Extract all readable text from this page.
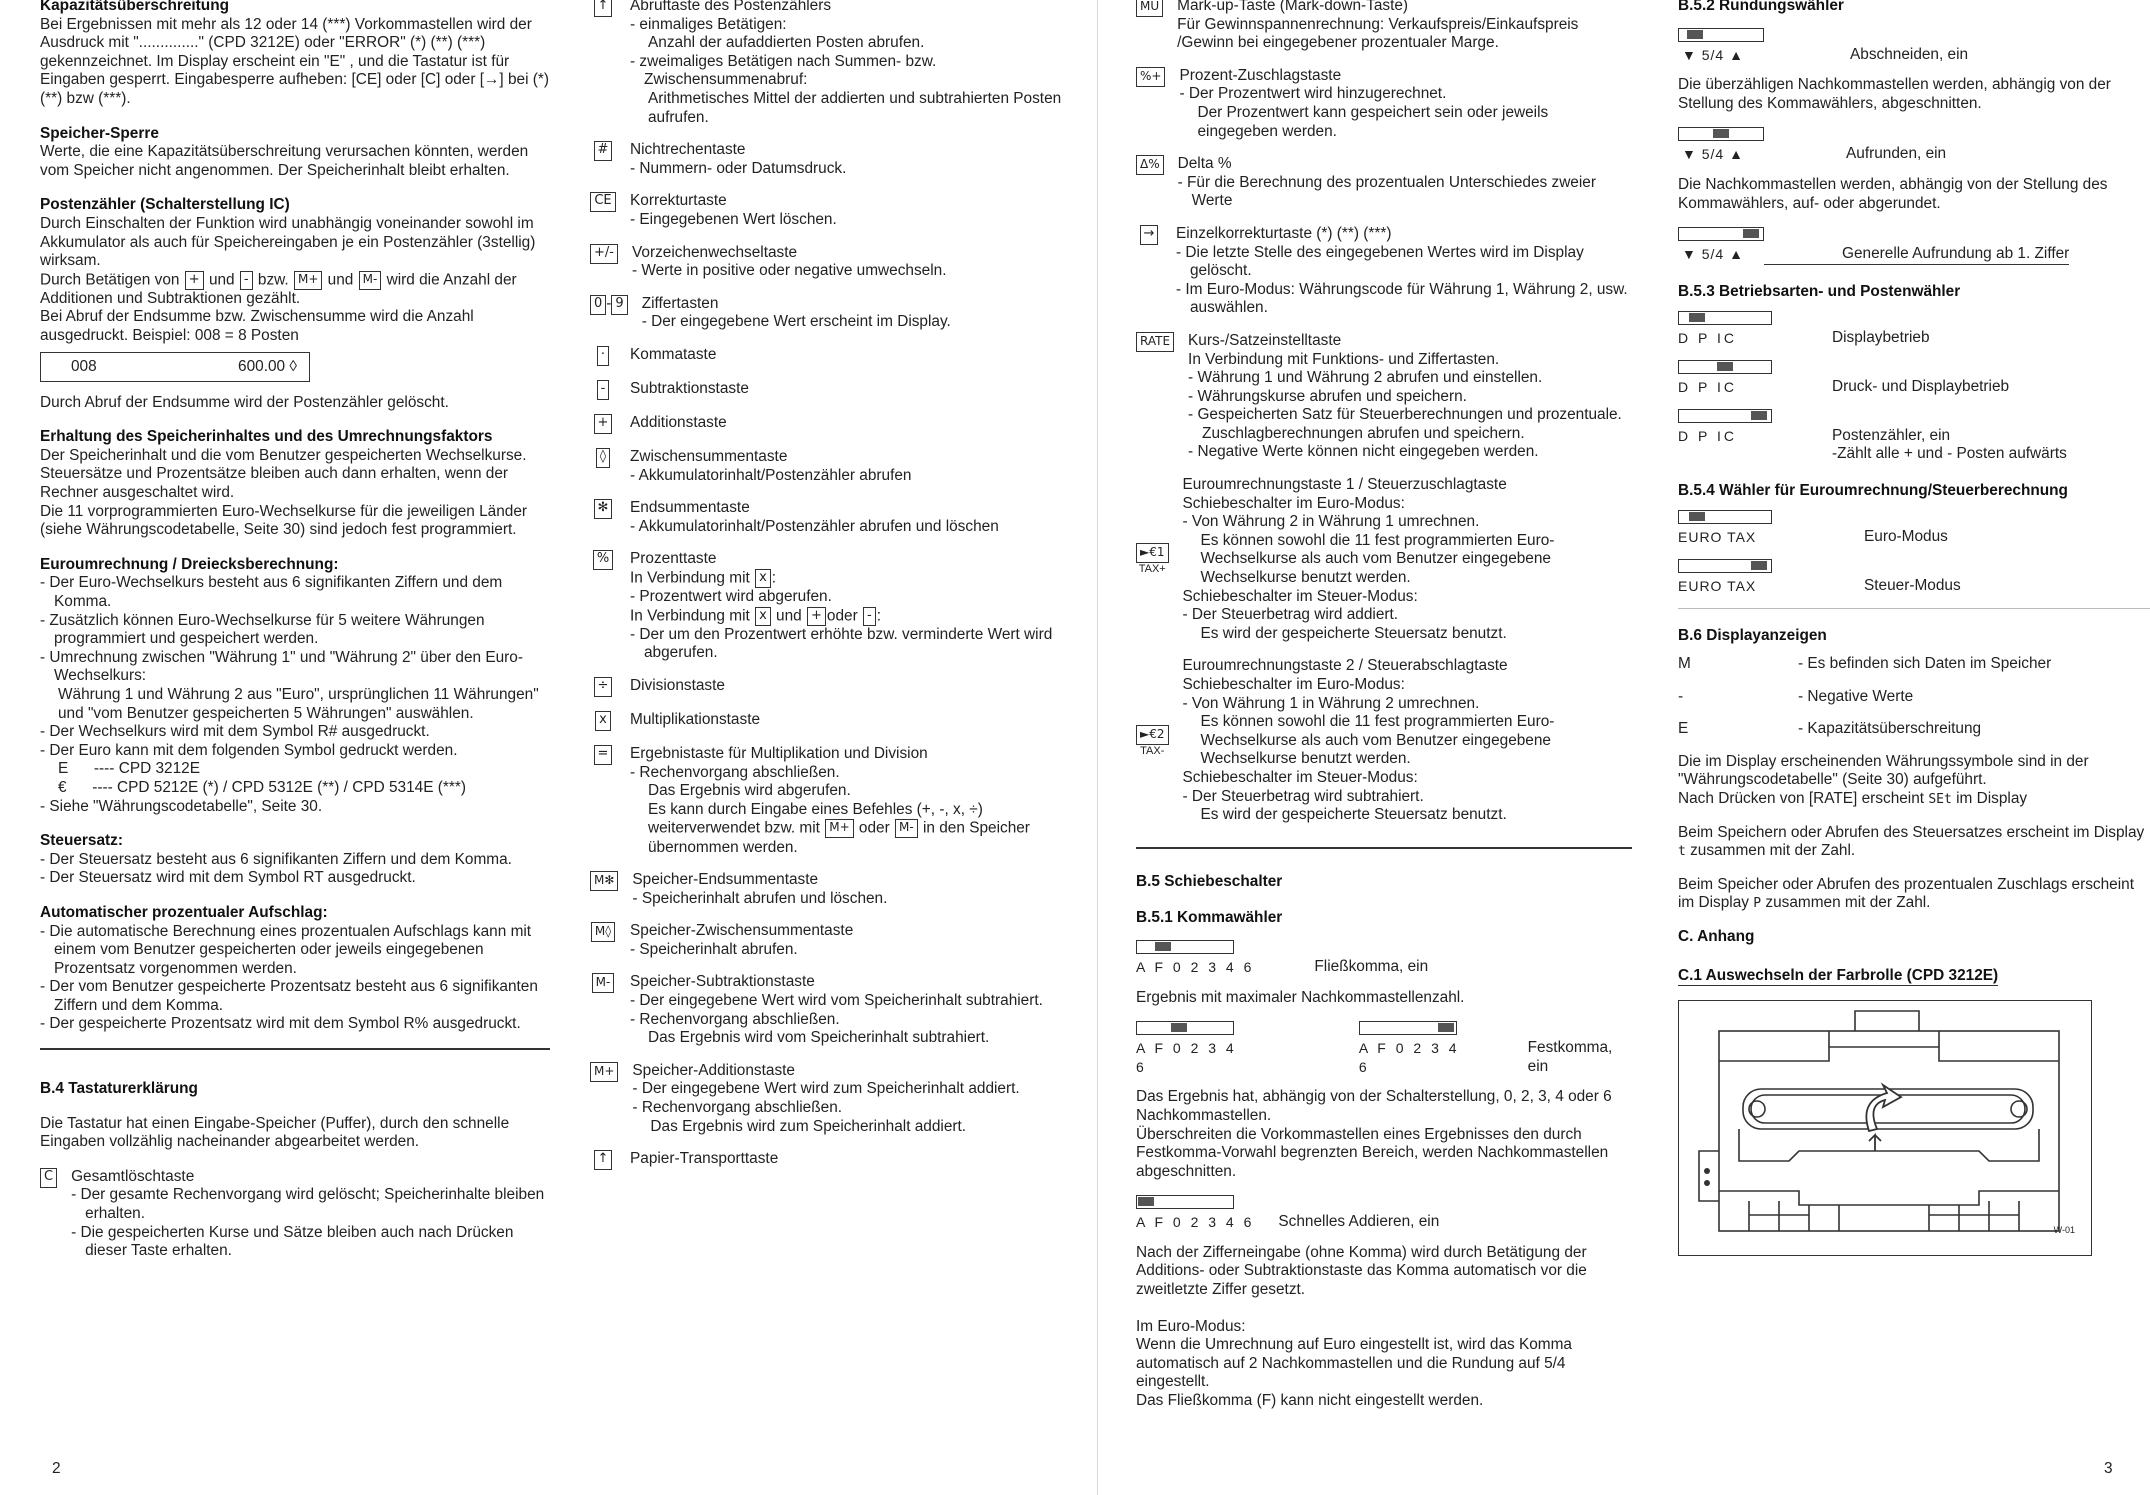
Kapazitätsüberschreitung

Bei Ergebnissen mit mehr als 12 oder 14 (***) Vorkommastellen wird der Ausdruck mit ".............." (CPD 3212E) oder "ERROR" (*) (**) (***) gekennzeichnet. Im Display erscheint ein "E" , und die Tastatur ist für Eingaben gesperrt. Eingabesperre aufheben: [CE] oder [C] oder [→] bei (*) (**) bzw (***).

Speicher-Sperre

Werte, die eine Kapazitätsüberschreitung verursachen könnten, werden vom Speicher nicht angenommen. Der Speicherinhalt bleibt erhalten.

Postenzähler (Schalterstellung IC)

Durch Einschalten der Funktion wird unabhängig voneinander sowohl im Akkumulator als auch für Speichereingaben je ein Postenzähler (3stellig) wirksam.

Durch Betätigen von + und - bzw. M+ und M- wird die Anzahl der Additionen und Subtraktionen gezählt.

Bei Abruf der Endsumme bzw. Zwischensumme wird die Anzahl ausgedruckt. Beispiel: 008 = 8 Posten

008	600.00 ◊

Durch Abruf der Endsumme wird der Postenzähler gelöscht.

Erhaltung des Speicherinhaltes und des Umrechnungsfaktors

Der Speicherinhalt und die vom Benutzer gespeicherten Wechselkurse. Steuersätze und Prozentsätze bleiben auch dann erhalten, wenn der Rechner ausgeschaltet wird.

Die 11 vorprogrammierten Euro-Wechselkurse für die jeweiligen Länder (siehe Währungscodetabelle, Seite 30) sind jedoch fest programmiert.

Euroumrechnung / Dreiecksberechnung:

- Der Euro-Wechselkurs besteht aus 6 signifikanten Ziffern und dem Komma.

- Zusätzlich können Euro-Wechselkurse für 5 weitere Währungen programmiert und gespeichert werden.

- Umrechnung zwischen "Währung 1" und "Währung 2" über den Euro-Wechselkurs:

Währung 1 und Währung 2 aus "Euro", ursprünglichen 11 Währungen" und "vom Benutzer gespeicherten 5 Währungen" auswählen.

- Der Wechselkurs wird mit dem Symbol R# ausgedruckt.

- Der Euro kann mit dem folgenden Symbol gedruckt werden.

E      ---- CPD 3212E

€      ---- CPD 5212E (*) / CPD 5312E (**) / CPD 5314E (***)

- Siehe "Währungscodetabelle", Seite 30.

Steuersatz:

- Der Steuersatz besteht aus 6 signifikanten Ziffern und dem Komma.

- Der Steuersatz wird mit dem Symbol RT ausgedruckt.

Automatischer prozentualer Aufschlag:

- Die automatische Berechnung eines prozentualen Aufschlags kann mit einem vom Benutzer gespeicherten oder jeweils eingegebenen Prozentsatz vorgenommen werden.

- Der vom Benutzer gespeicherte Prozentsatz besteht aus 6 signifikanten Ziffern und dem Komma.

- Der gespeicherte Prozentsatz wird mit dem Symbol R% ausgedruckt.

B.4 Tastaturerklärung

Die Tastatur hat einen Eingabe-Speicher (Puffer), durch den schnelle Eingaben vollzählig nacheinander abgearbeitet werden.

C Gesamtlöschtaste

- Der gesamte Rechenvorgang wird gelöscht; Speicherinhalte bleiben erhalten.

- Die gespeicherten Kurse und Sätze bleiben auch nach Drücken dieser Taste erhalten.

↑ Abruftaste des Postenzählers

- einmaliges Betätigen:

Anzahl der aufaddierten Posten abrufen.

- zweimaliges Betätigen nach Summen- bzw. Zwischensummenabruf:

Arithmetisches Mittel der addierten und subtrahierten Posten aufrufen.

# Nichtrechentaste

- Nummern- oder Datumsdruck.

CE Korrekturtaste

- Eingegebenen Wert löschen.

+/- Vorzeichenwechseltaste

- Werte in positive oder negative umwechseln.

0 - 9 Ziffertasten

- Der eingegebene Wert erscheint im Display.

· Kommataste

- Subtraktionstaste

+ Additionstaste

◊ Zwischensummentaste

- Akkumulatorinhalt/Postenzähler abrufen

✻ Endsummentaste

- Akkumulatorinhalt/Postenzähler abrufen und löschen

% Prozenttaste

In Verbindung mit x :

- Prozentwert wird abgerufen.

In Verbindung mit x und + oder - :

- Der um den Prozentwert erhöhte bzw. verminderte Wert wird abgerufen.

÷ Divisionstaste

x Multiplikationstaste

= Ergebnistaste für Multiplikation und Division

- Rechenvorgang abschließen.

Das Ergebnis wird abgerufen.

Es kann durch Eingabe eines Befehles (+, -, x, ÷) weiterverwendet bzw. mit M+ oder M- in den Speicher übernommen werden.

M✻ Speicher-Endsummentaste

- Speicherinhalt abrufen und löschen.

M◊ Speicher-Zwischensummentaste

- Speicherinhalt abrufen.

M- Speicher-Subtraktionstaste

- Der eingegebene Wert wird vom Speicherinhalt subtrahiert.

- Rechenvorgang abschließen.

Das Ergebnis wird vom Speicherinhalt subtrahiert.

M+ Speicher-Additionstaste

- Der eingegebene Wert wird zum Speicherinhalt addiert.

- Rechenvorgang abschließen.

Das Ergebnis wird zum Speicherinhalt addiert.

↑ Papier-Transporttaste

2
MU Mark-up-Taste (Mark-down-Taste)

Für Gewinnspannenrechnung: Verkaufspreis/Einkaufspreis /Gewinn bei eingegebener prozentualer Marge.

%+ Prozent-Zuschlagstaste

- Der Prozentwert wird hinzugerechnet.

Der Prozentwert kann gespeichert sein oder jeweils eingegeben werden.

Δ% Delta %

- Für die Berechnung des prozentualen Unterschiedes zweier Werte

→ Einzelkorrekturtaste (*) (**) (***)

- Die letzte Stelle des eingegebenen Wertes wird im Display gelöscht.

- Im Euro-Modus: Währungscode für Währung 1, Währung 2, usw. auswählen.

RATE Kurs-/Satzeinstelltaste

In Verbindung mit Funktions- und Ziffertasten.

- Währung 1 und Währung 2 abrufen und einstellen.

- Währungskurse abrufen und speichern.

- Gespeicherten Satz für Steuerberechnungen und prozentuale. Zuschlagberechnungen abrufen und speichern.

- Negative Werte können nicht eingegeben werden.

►€1
TAX+

Euroumrechnungstaste 1 / Steuerzuschlagtaste

Schiebeschalter im Euro-Modus:

- Von Währung 2 in Währung 1 umrechnen.

Es können sowohl die 11 fest programmierten Euro-Wechselkurse als auch vom Benutzer eingegebene Wechselkurse benutzt werden.

Schiebeschalter im Steuer-Modus:

- Der Steuerbetrag wird addiert.

Es wird der gespeicherte Steuersatz benutzt.

►€2
TAX-

Euroumrechnungstaste 2 / Steuerabschlagtaste

Schiebeschalter im Euro-Modus:

- Von Währung 1 in Währung 2 umrechnen.

Es können sowohl die 11 fest programmierten Euro-Wechselkurse als auch vom Benutzer eingegebene Wechselkurse benutzt werden.

Schiebeschalter im Steuer-Modus:

- Der Steuerbetrag wird subtrahiert.

Es wird der gespeicherte Steuersatz benutzt.

B.5 Schiebeschalter

B.5.1 Kommawähler

A F 0 2 3 4 6	Fließkomma, ein

Ergebnis mit maximaler Nachkommastellenzahl.

A F 0 2 3 4 6
A F 0 2 3 4 6
Festkomma, ein

Das Ergebnis hat, abhängig von der Schalterstellung, 0, 2, 3, 4 oder 6 Nachkommastellen.

Überschreiten die Vorkommastellen eines Ergebnisses den durch Festkomma-Vorwahl begrenzten Bereich, werden Nachkommastellen abgeschnitten.

A F 0 2 3 4 6	Schnelles Addieren, ein

Nach der Zifferneingabe (ohne Komma) wird durch Betätigung der Additions- oder Subtraktionstaste das Komma automatisch vor die zweitletzte Ziffer gesetzt.

Im Euro-Modus:

Wenn die Umrechnung auf Euro eingestellt ist, wird das Komma automatisch auf 2 Nachkommastellen und die Rundung auf 5/4 eingestellt.

Das Fließkomma (F) kann nicht eingestellt werden.

B.5.2 Rundungswähler

▼ 5/4 ▲	Abschneiden, ein

Die überzähligen Nachkommastellen werden, abhängig von der Stellung des Kommawählers, abgeschnitten.

▼ 5/4 ▲	Aufrunden, ein

Die Nachkommastellen werden, abhängig von der Stellung des Kommawählers, auf- oder abgerundet.

▼ 5/4 ▲	Generelle Aufrundung ab 1. Ziffer

B.5.3 Betriebsarten- und Postenwähler

D P IC	Displaybetrieb
D P IC	Druck- und Displaybetrieb
D P IC	Postenzähler, ein

-Zählt alle + und - Posten aufwärts

B.5.4 Wähler für Euroumrechnung/Steuerberechnung

EURO TAX	Euro-Modus
EURO TAX	Steuer-Modus

B.6 Displayanzeigen

M	- Es befinden sich Daten im Speicher
-	- Negative Werte
E	- Kapazitätsüberschreitung

Die im Display erscheinenden Währungssymbole sind in der "Währungscodetabelle" (Seite 30) aufgeführt.

Nach Drücken von [RATE] erscheint SEt im Display

Beim Speichern oder Abrufen des Steuersatzes erscheint im Display t zusammen mit der Zahl.

Beim Speicher oder Abrufen des prozentualen Zuschlags erscheint im Display P zusammen mit der Zahl.

C. Anhang

C.1 Auswechseln der Farbrolle (CPD 3212E)

W-01
3
